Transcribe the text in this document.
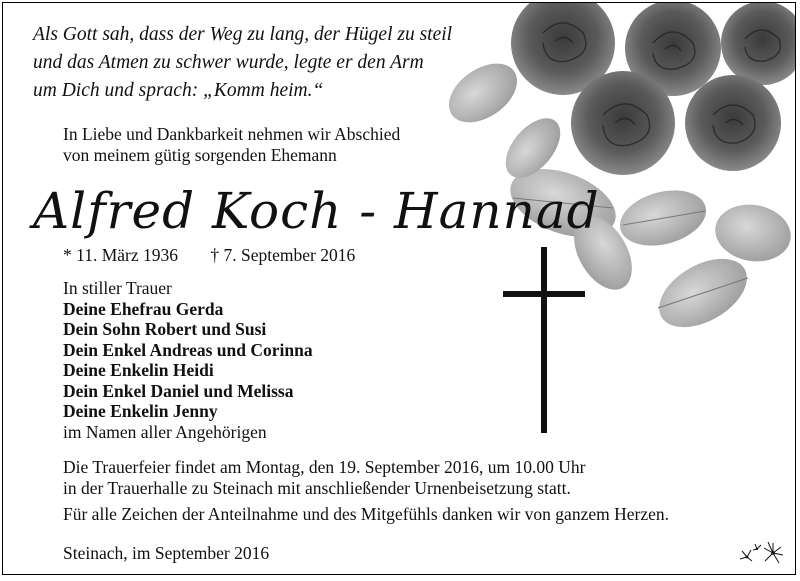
Als Gott sah, dass der Weg zu lang, der Hügel zu steil
und das Atmen zu schwer wurde, legte er den Arm
um Dich und sprach: „Komm heim.“
In Liebe und Dankbarkeit nehmen wir Abschied
von meinem gütig sorgenden Ehemann
Alfred Koch - Hannad
* 11. März 1936 † 7. September 2016
In stiller Trauer
Deine Ehefrau Gerda
Dein Sohn Robert und Susi
Dein Enkel Andreas und Corinna
Deine Enkelin Heidi
Dein Enkel Daniel und Melissa
Deine Enkelin Jenny
im Namen aller Angehörigen
Die Trauerfeier findet am Montag, den 19. September 2016, um 10.00 Uhr
in der Trauerhalle zu Steinach mit anschließender Urnenbeisetzung statt.
Für alle Zeichen der Anteilnahme und des Mitgefühls danken wir von ganzem Herzen.
Steinach, im September 2016
